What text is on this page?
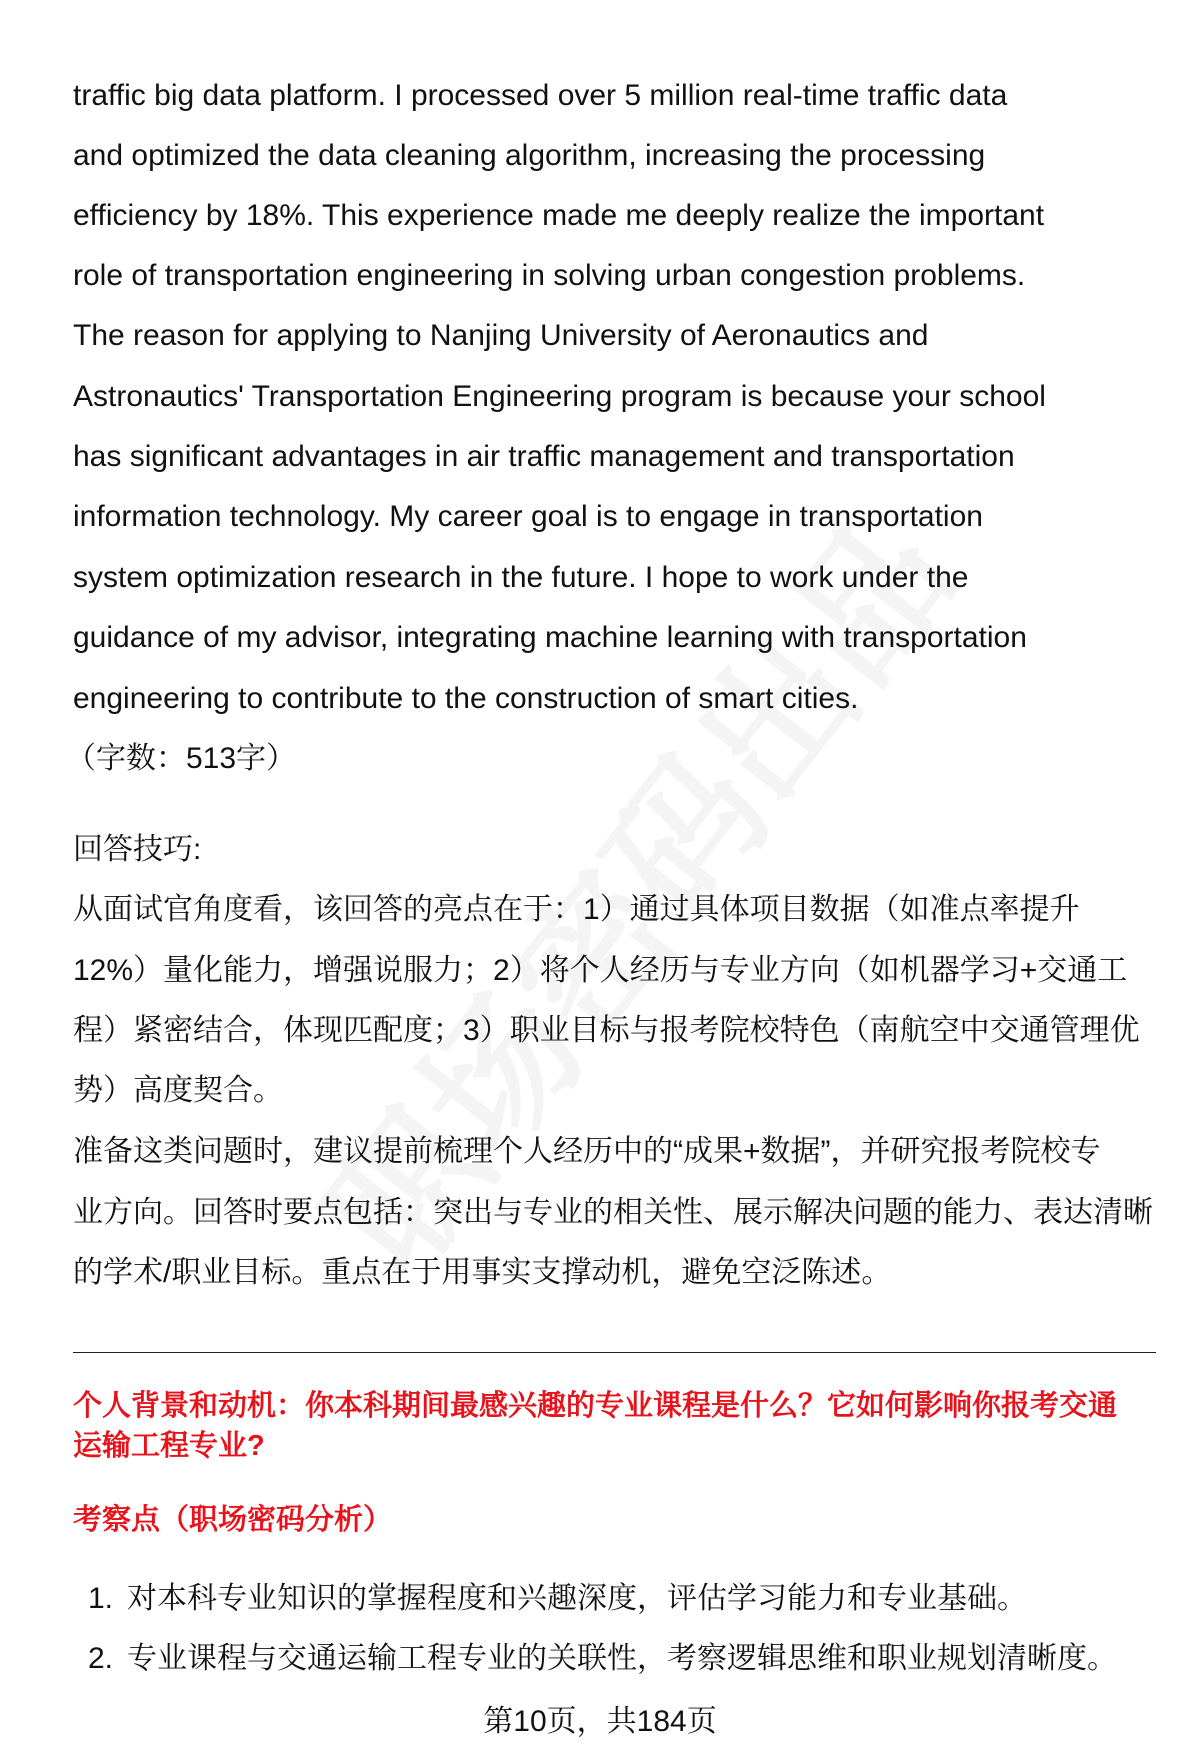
traffic big data platform. I processed over 5 million real-time traffic data
and optimized the data cleaning algorithm, increasing the processing
efficiency by 18%. This experience made me deeply realize the important
role of transportation engineering in solving urban congestion problems.
The reason for applying to Nanjing University of Aeronautics and
Astronautics' Transportation Engineering program is because your school
has significant advantages in air traffic management and transportation
information technology. My career goal is to engage in transportation
system optimization research in the future. I hope to work under the
guidance of my advisor, integrating machine learning with transportation
engineering to contribute to the construction of smart cities.
（字数：513字）
回答技巧:
从面试官角度看，该回答的亮点在于：1）通过具体项目数据（如准点率提升
12%）量化能力，增强说服力；2）将个人经历与专业方向（如机器学习+交通工
程）紧密结合，体现匹配度；3）职业目标与报考院校特色（南航空中交通管理优
势）高度契合。
准备这类问题时，建议提前梳理个人经历中的“成果+数据”，并研究报考院校专
业方向。回答时要点包括：突出与专业的相关性、展示解决问题的能力、表达清晰
的学术/职业目标。重点在于用事实支撑动机，避免空泛陈述。
个人背景和动机：你本科期间最感兴趣的专业课程是什么？它如何影响你报考交通
运输工程专业?
考察点（职场密码分析）
1. 对本科专业知识的掌握程度和兴趣深度，评估学习能力和专业基础。
2. 专业课程与交通运输工程专业的关联性，考察逻辑思维和职业规划清晰度。
第10页，共184页
